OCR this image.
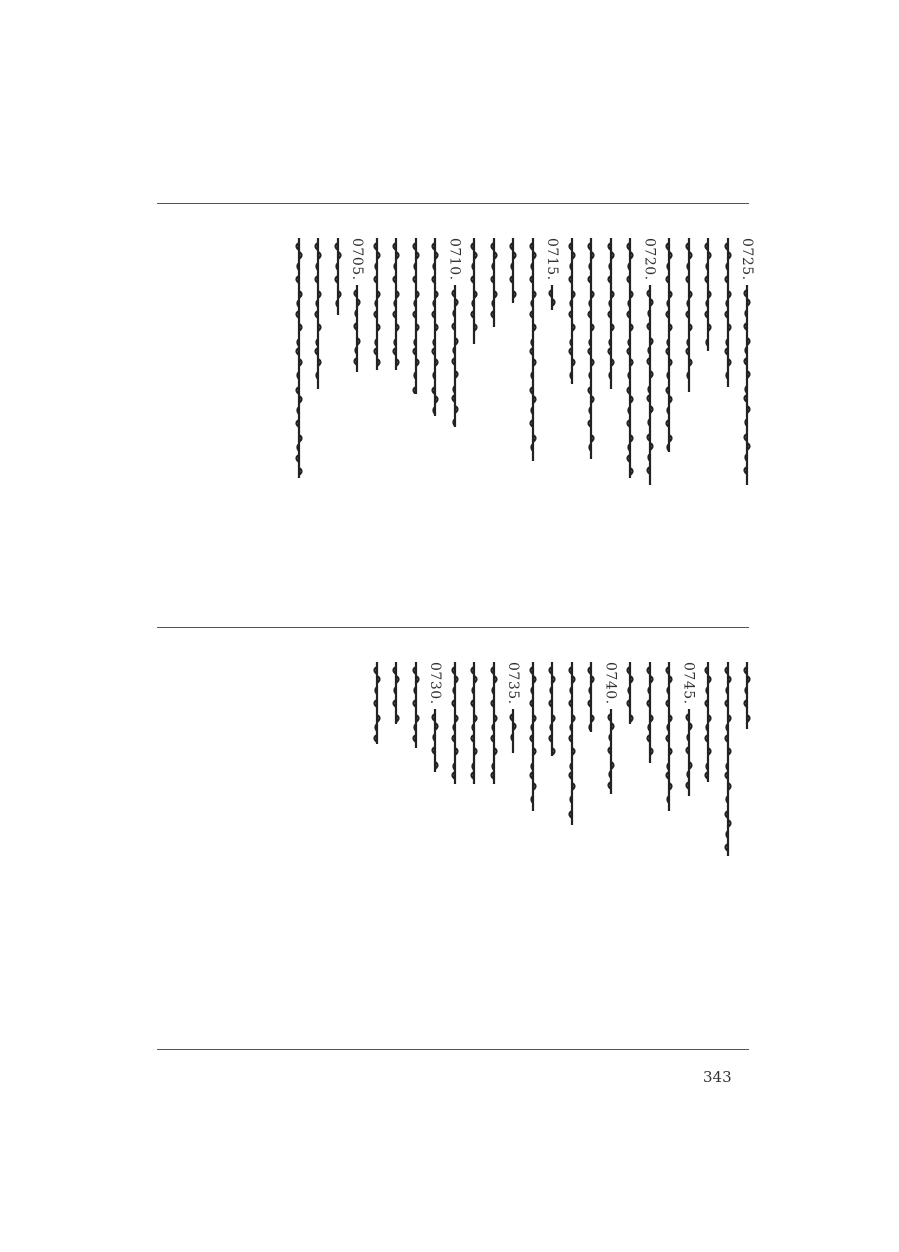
0725.
0720.
0715.
0710.
0705.
0745.
0740.
0735.
0730.
343
